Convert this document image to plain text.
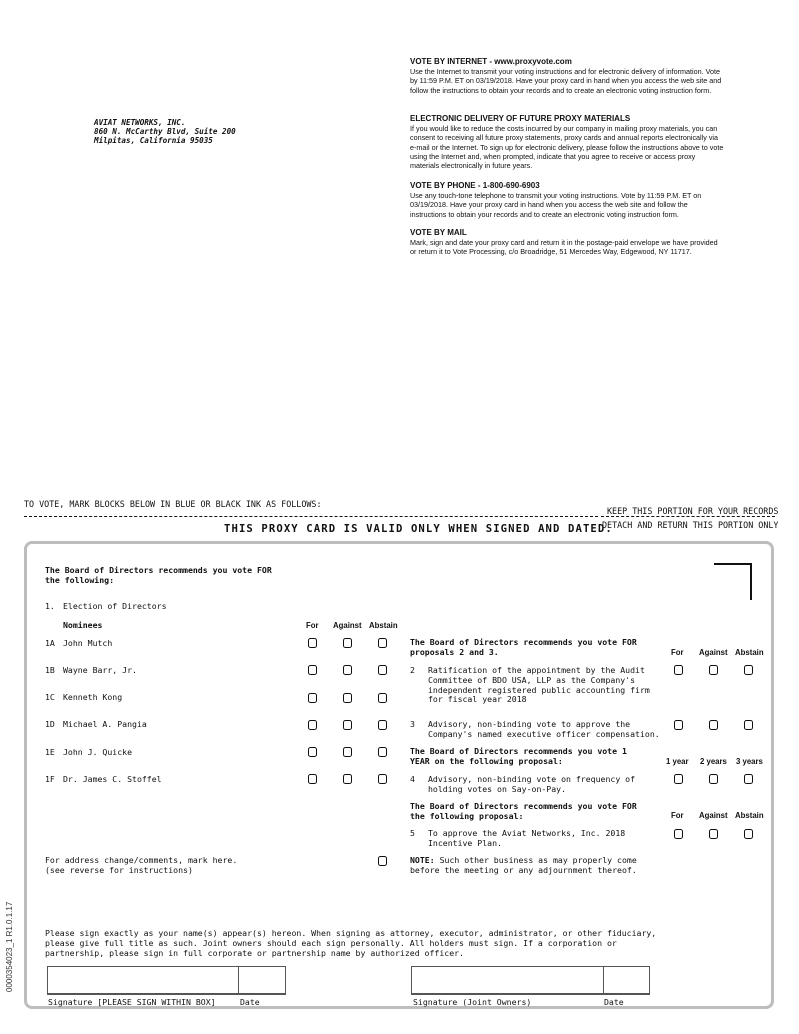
AVIAT NETWORKS, INC.
860 N. McCarthy Blvd, Suite 200
Milpitas, California 95035
VOTE BY INTERNET - www.proxyvote.com
Use the Internet to transmit your voting instructions and for electronic delivery of information. Vote by 11:59 P.M. ET on 03/19/2018. Have your proxy card in hand when you access the web site and follow the instructions to obtain your records and to create an electronic voting instruction form.
ELECTRONIC DELIVERY OF FUTURE PROXY MATERIALS
If you would like to reduce the costs incurred by our company in mailing proxy materials, you can consent to receiving all future proxy statements, proxy cards and annual reports electronically via e-mail or the Internet. To sign up for electronic delivery, please follow the instructions above to vote using the Internet and, when prompted, indicate that you agree to receive or access proxy materials electronically in future years.
VOTE BY PHONE - 1-800-690-6903
Use any touch-tone telephone to transmit your voting instructions. Vote by 11:59 P.M. ET on 03/19/2018. Have your proxy card in hand when you access the web site and follow the instructions to obtain your records and to create an electronic voting instruction form.
VOTE BY MAIL
Mark, sign and date your proxy card and return it in the postage-paid envelope we have provided or return it to Vote Processing, c/o Broadridge, 51 Mercedes Way, Edgewood, NY 11717.
TO VOTE, MARK BLOCKS BELOW IN BLUE OR BLACK INK AS FOLLOWS:
KEEP THIS PORTION FOR YOUR RECORDS
DETACH AND RETURN THIS PORTION ONLY
THIS PROXY CARD IS VALID ONLY WHEN SIGNED AND DATED.
The Board of Directors recommends you vote FOR
the following:
1. Election of Directors
Nominees	For Against Abstain
1A John Mutch
1B Wayne Barr, Jr.
1C Kenneth Kong
1D Michael A. Pangia
1E John J. Quicke
1F Dr. James C. Stoffel
The Board of Directors recommends you vote FOR
proposals 2 and 3.	For Against Abstain
2 Ratification of the appointment by the Audit
Committee of BDO USA, LLP as the Company's
independent registered public accounting firm
for fiscal year 2018
3 Advisory, non-binding vote to approve the
Company's named executive officer compensation.
The Board of Directors recommends you vote 1
YEAR on the following proposal:	1 year 2 years 3 years
4 Advisory, non-binding vote on frequency of
holding votes on Say-on-Pay.
The Board of Directors recommends you vote FOR
the following proposal:	For Against Abstain
5 To approve the Aviat Networks, Inc. 2018
Incentive Plan.
For address change/comments, mark here.
(see reverse for instructions)
NOTE: Such other business as may properly come
before the meeting or any adjournment thereof.
Please sign exactly as your name(s) appear(s) hereon. When signing as attorney, executor, administrator, or other fiduciary,
please give full title as such. Joint owners should each sign personally. All holders must sign. If a corporation or
partnership, please sign in full corporate or partnership name by authorized officer.
Signature [PLEASE SIGN WITHIN BOX]	Date	Signature (Joint Owners)	Date
0000354023_1 R1.0.1.17
